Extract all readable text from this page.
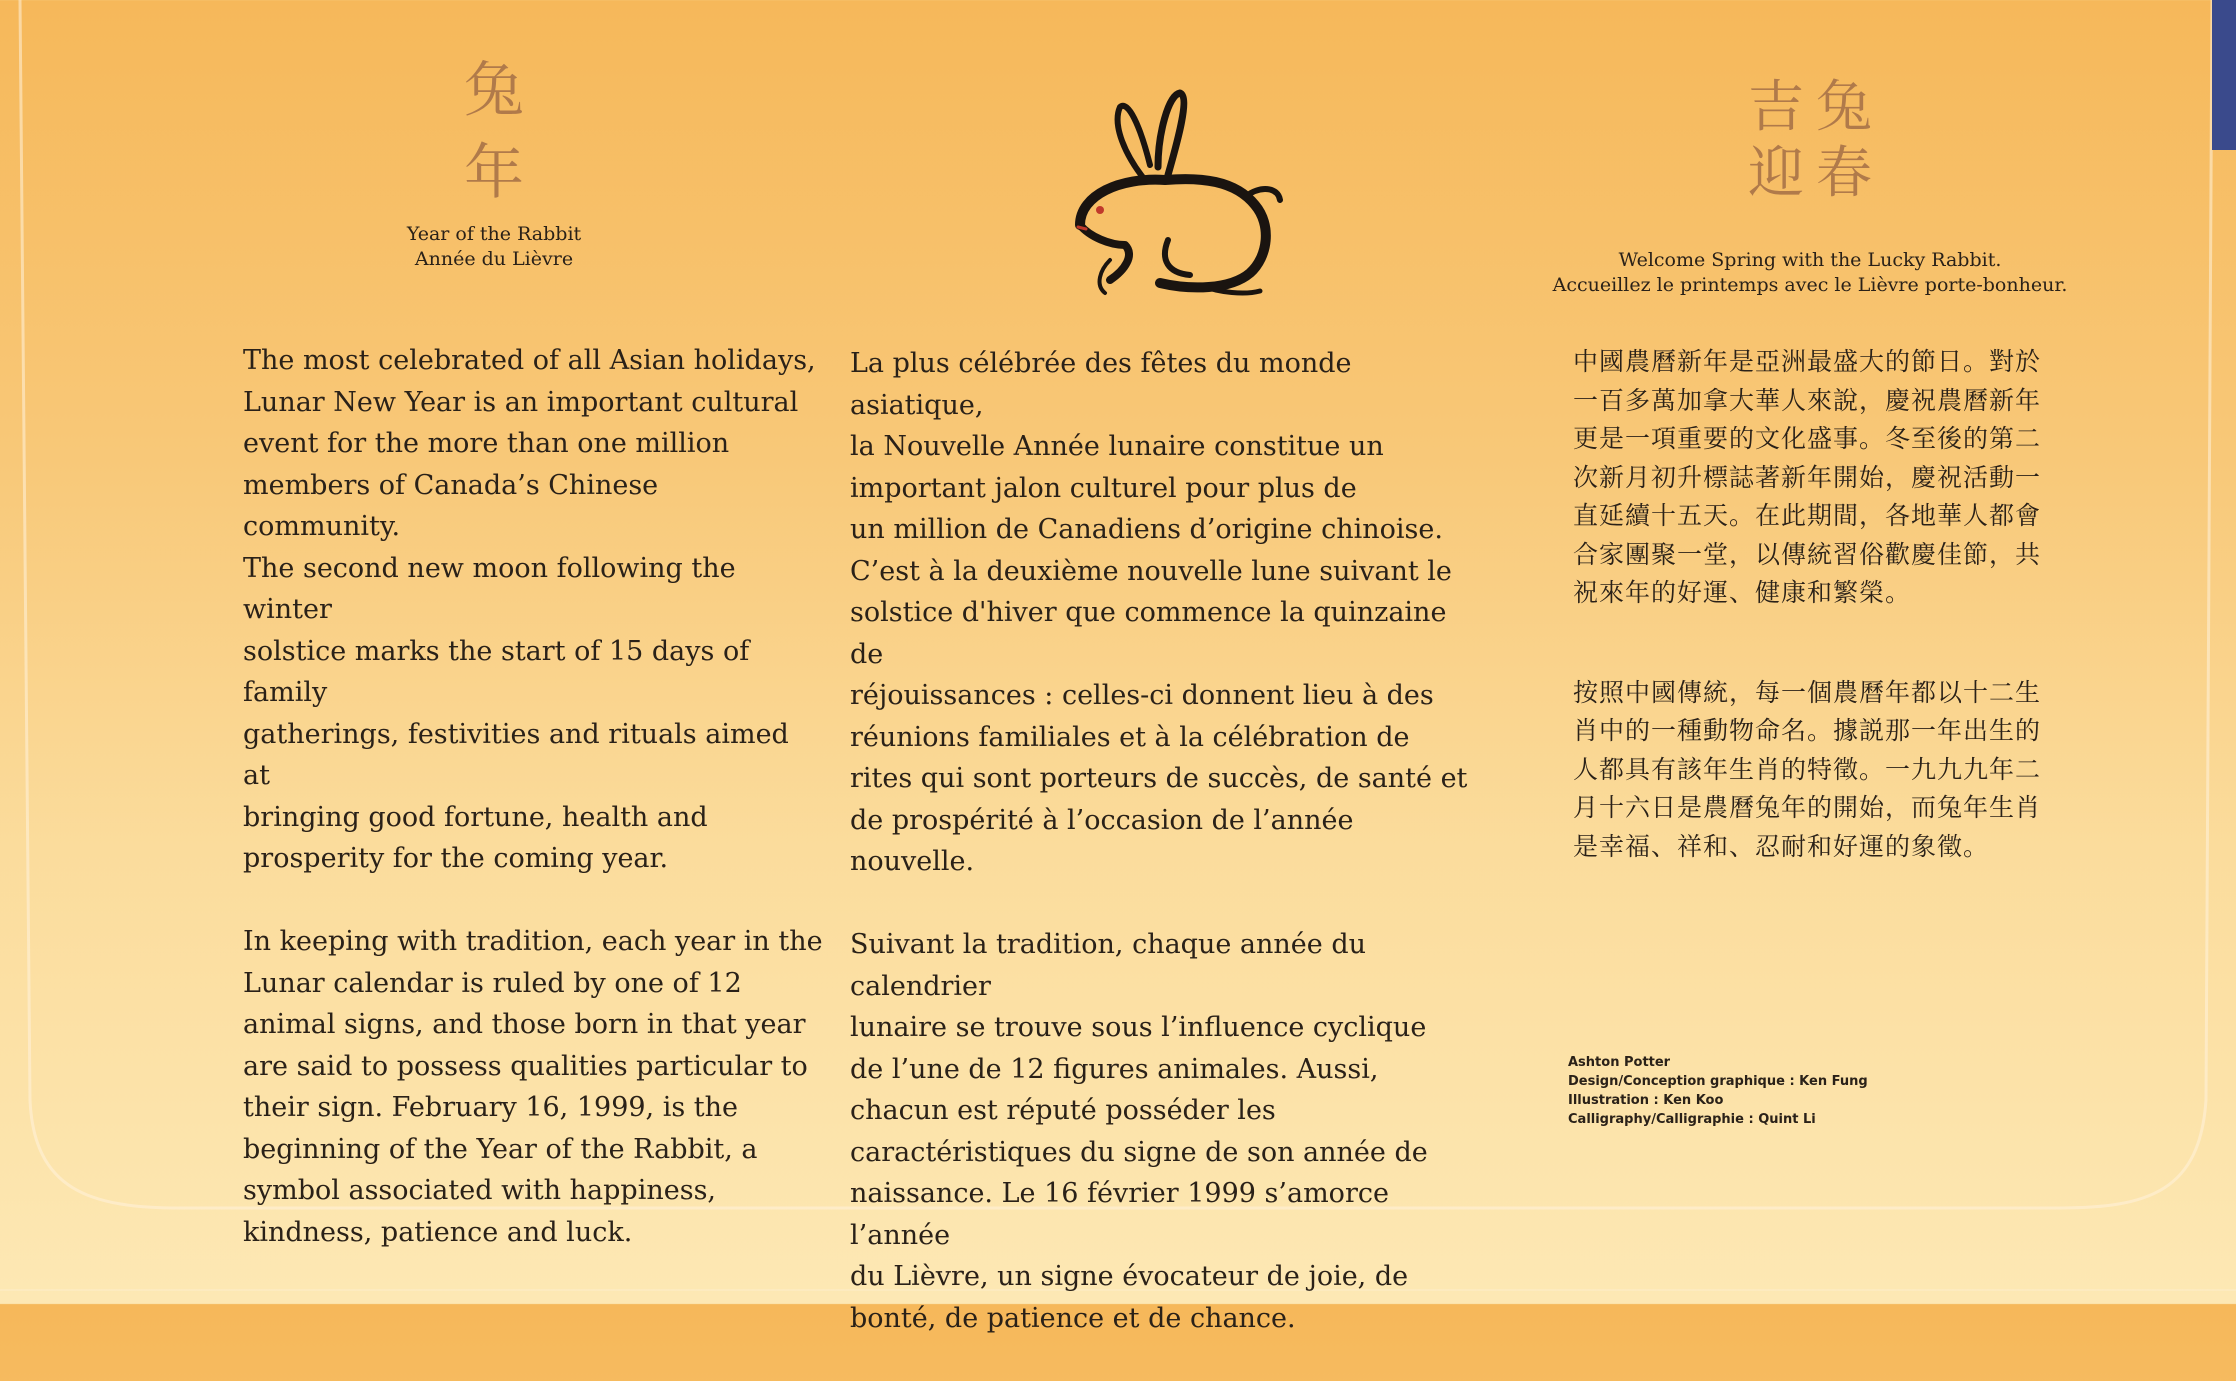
兔年
Year of the Rabbit
Année du Lièvre
吉 兔
迎 春
Welcome Spring with the Lucky Rabbit.
Accueillez le printemps avec le Lièvre porte-bonheur.

The most celebrated of all Asian holidays,
Lunar New Year is an important cultural
event for the more than one million
members of Canada’s Chinese community.
The second new moon following the winter
solstice marks the start of 15 days of family
gatherings, festivities and rituals aimed at
bringing good fortune, health and
prosperity for the coming year.

In keeping with tradition, each year in the
Lunar calendar is ruled by one of 12
animal signs, and those born in that year
are said to possess qualities particular to
their sign. February 16, 1999, is the
beginning of the Year of the Rabbit, a
symbol associated with happiness,
kindness, patience and luck.

La plus célébrée des fêtes du monde asiatique,
la Nouvelle Année lunaire constitue un
important jalon culturel pour plus de
un million de Canadiens d’origine chinoise.
C’est à la deuxième nouvelle lune suivant le
solstice d'hiver que commence la quinzaine de
réjouissances : celles-ci donnent lieu à des
réunions familiales et à la célébration de
rites qui sont porteurs de succès, de santé et
de prospérité à l’occasion de l’année nouvelle.

Suivant la tradition, chaque année du calendrier
lunaire se trouve sous l’influence cyclique
de l’une de 12 figures animales. Aussi,
chacun est réputé posséder les
caractéristiques du signe de son année de
naissance. Le 16 février 1999 s’amorce l’année
du Lièvre, un signe évocateur de joie, de
bonté, de patience et de chance.

中國農曆新年是亞洲最盛大的節日。對於
一百多萬加拿大華人來說，慶祝農曆新年
更是一項重要的文化盛事。冬至後的第二
次新月初升標誌著新年開始，慶祝活動一
直延續十五天。在此期間，各地華人都會
合家團聚一堂，以傳統習俗歡慶佳節，共
祝來年的好運、健康和繁榮。

按照中國傳統，每一個農曆年都以十二生
肖中的一種動物命名。據説那一年出生的
人都具有該年生肖的特徵。一九九九年二
月十六日是農曆兔年的開始，而兔年生肖
是幸福、祥和、忍耐和好運的象徵。

Ashton Potter
Design/Conception graphique : Ken Fung
Illustration : Ken Koo
Calligraphy/Calligraphie : Quint Li
